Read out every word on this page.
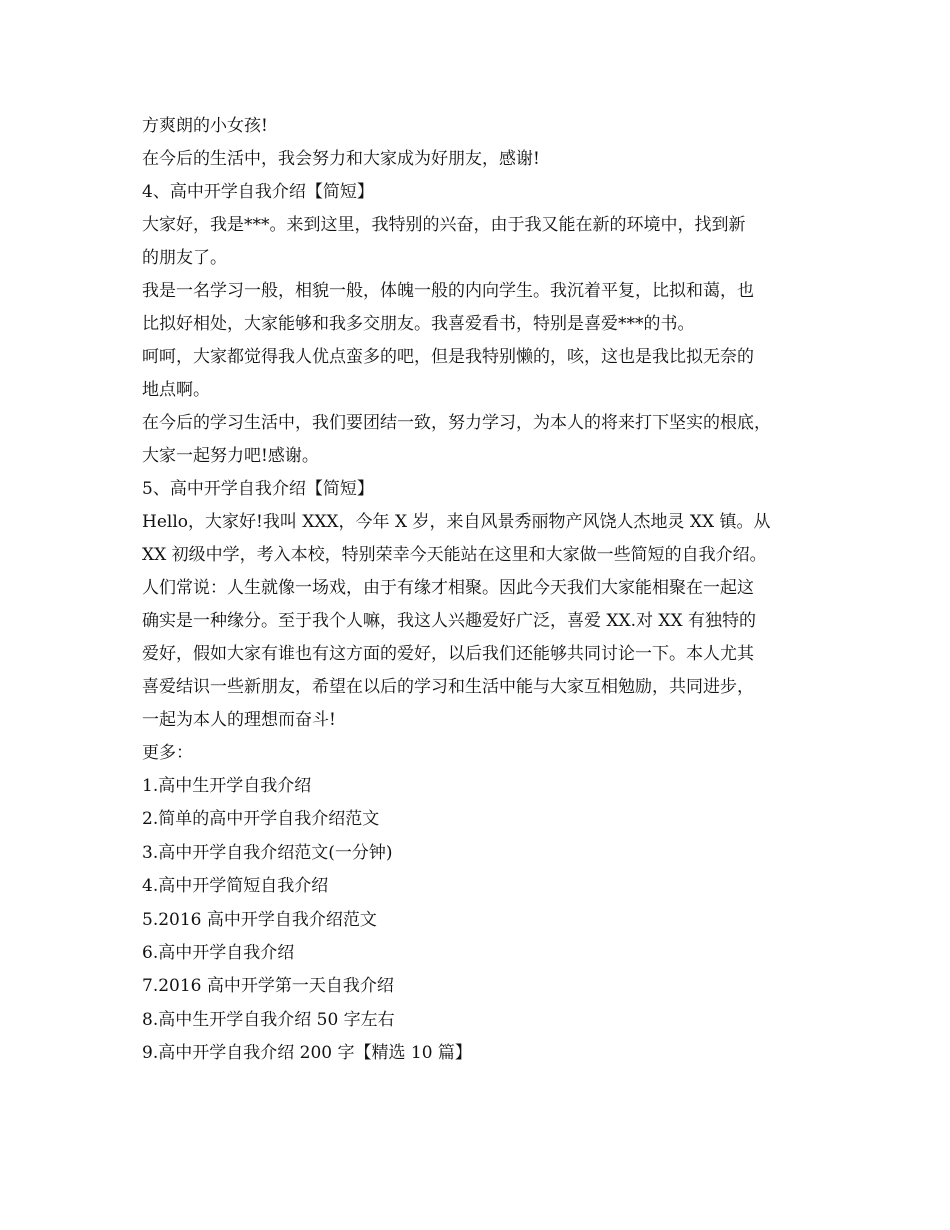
方爽朗的小女孩!

在今后的生活中，我会努力和大家成为好朋友，感谢!

4、高中开学自我介绍【简短】

大家好，我是***。来到这里，我特别的兴奋，由于我又能在新的环境中，找到新

的朋友了。

我是一名学习一般，相貌一般，体魄一般的内向学生。我沉着平复，比拟和蔼，也

比拟好相处，大家能够和我多交朋友。我喜爱看书，特别是喜爱***的书。

呵呵，大家都觉得我人优点蛮多的吧，但是我特别懒的，咳，这也是我比拟无奈的

地点啊。

在今后的学习生活中，我们要团结一致，努力学习，为本人的将来打下坚实的根底，

大家一起努力吧!感谢。

5、高中开学自我介绍【简短】

Hello，大家好!我叫 XXX，今年 X 岁，来自风景秀丽物产风饶人杰地灵 XX 镇。从

XX 初级中学，考入本校，特别荣幸今天能站在这里和大家做一些简短的自我介绍。

人们常说：人生就像一场戏，由于有缘才相聚。因此今天我们大家能相聚在一起这

确实是一种缘分。至于我个人嘛，我这人兴趣爱好广泛，喜爱 XX.对 XX 有独特的

爱好，假如大家有谁也有这方面的爱好，以后我们还能够共同讨论一下。本人尤其

喜爱结识一些新朋友，希望在以后的学习和生活中能与大家互相勉励，共同进步，

一起为本人的理想而奋斗!

更多：

1.高中生开学自我介绍

2.简单的高中开学自我介绍范文

3.高中开学自我介绍范文(一分钟)

4.高中开学简短自我介绍

5.2016 高中开学自我介绍范文

6.高中开学自我介绍

7.2016 高中开学第一天自我介绍

8.高中生开学自我介绍 50 字左右

9.高中开学自我介绍 200 字【精选 10 篇】
